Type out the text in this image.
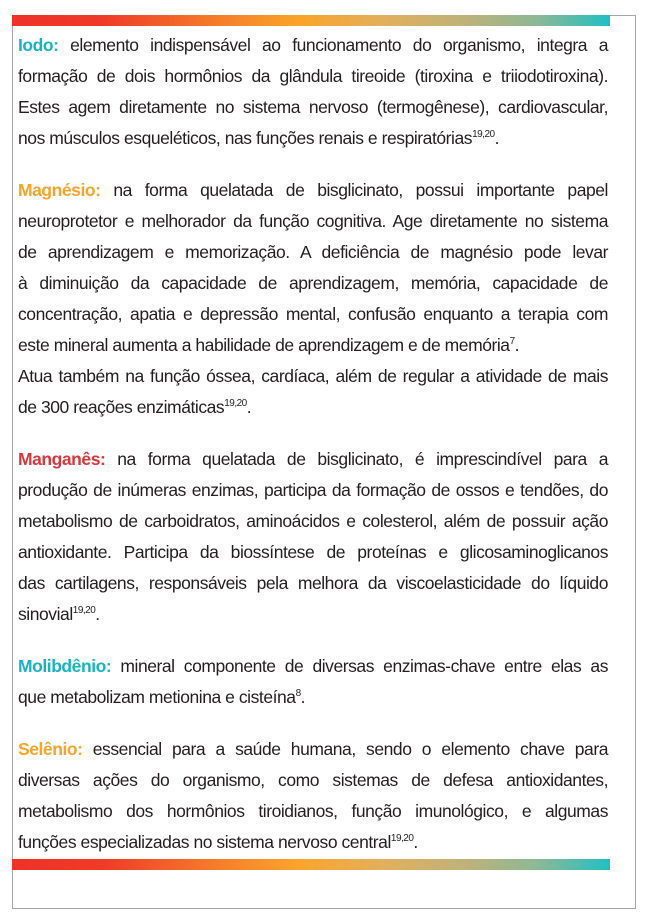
Iodo: elemento indispensável ao funcionamento do organismo, integra a
formação de dois hormônios da glândula tireoide (tiroxina e triiodotiroxina).
Estes agem diretamente no sistema nervoso (termogênese), cardiovascular,
nos músculos esqueléticos, nas funções renais e respiratórias$^{19,20}$.
Magnésio: na forma quelatada de bisglicinato, possui importante papel
neuroprotetor e melhorador da função cognitiva. Age diretamente no sistema
de aprendizagem e memorização. A deficiência de magnésio pode levar
à diminuição da capacidade de aprendizagem, memória, capacidade de
concentração, apatia e depressão mental, confusão enquanto a terapia com
este mineral aumenta a habilidade de aprendizagem e de memória$^7$.
Atua também na função óssea, cardíaca, além de regular a atividade de mais
de 300 reações enzimáticas$^{19,20}$.
Manganês: na forma quelatada de bisglicinato, é imprescindível para a
produção de inúmeras enzimas, participa da formação de ossos e tendões, do
metabolismo de carboidratos, aminoácidos e colesterol, além de possuir ação
antioxidante. Participa da biossíntese de proteínas e glicosaminoglicanos
das cartilagens, responsáveis pela melhora da viscoelasticidade do líquido
sinovial$^{19,20}$.
Molibdênio: mineral componente de diversas enzimas-chave entre elas as
que metabolizam metionina e cisteína$^8$.
Selênio: essencial para a saúde humana, sendo o elemento chave para
diversas ações do organismo, como sistemas de defesa antioxidantes,
metabolismo dos hormônios tiroidianos, função imunológico, e algumas
funções especializadas no sistema nervoso central$^{19,20}$.
